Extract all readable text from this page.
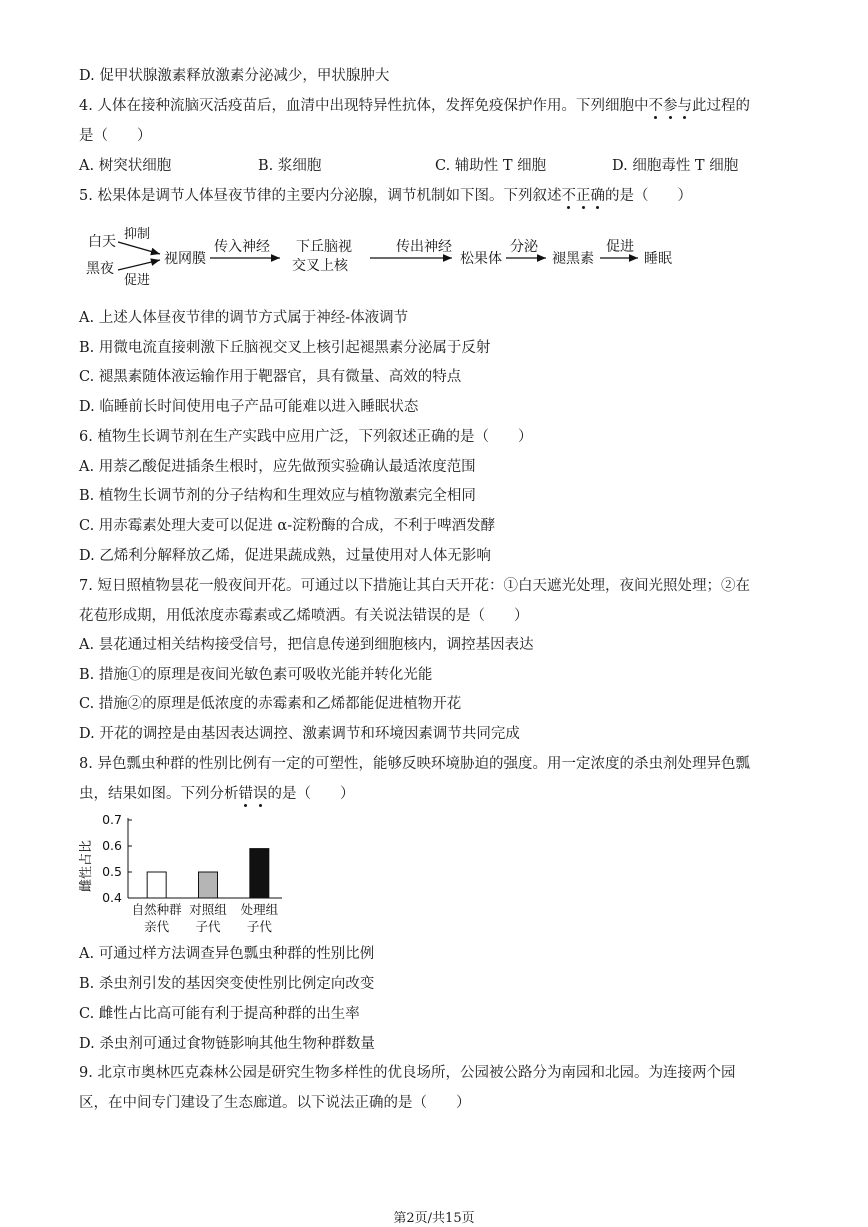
D. 促甲状腺激素释放激素分泌减少，甲状腺肿大
4. 人体在接种流脑灭活疫苗后，血清中出现特异性抗体，发挥免疫保护作用。下列细胞中不参与此过程的
是（　　）
A. 树突状细胞	B. 浆细胞	C. 辅助性 T 细胞	D. 细胞毒性 T 细胞
5. 松果体是调节人体昼夜节律的主要内分泌腺，调节机制如下图。下列叙述不正确的是（　　）
白天
黑夜
抑制
促进
视网膜
传入神经 下丘脑视
交叉上核
传出神经
松果体
分泌
褪黑素
促进
睡眠
A. 上述人体昼夜节律的调节方式属于神经-体液调节
B. 用微电流直接刺激下丘脑视交叉上核引起褪黑素分泌属于反射
C. 褪黑素随体液运输作用于靶器官，具有微量、高效的特点
D. 临睡前长时间使用电子产品可能难以进入睡眠状态
6. 植物生长调节剂在生产实践中应用广泛，下列叙述正确的是（　　）
A. 用萘乙酸促进插条生根时，应先做预实验确认最适浓度范围
B. 植物生长调节剂的分子结构和生理效应与植物激素完全相同
C. 用赤霉素处理大麦可以促进 α-淀粉酶的合成，不利于啤酒发酵
D. 乙烯利分解释放乙烯，促进果蔬成熟，过量使用对人体无影响
7. 短日照植物昙花一般夜间开花。可通过以下措施让其白天开花：①白天遮光处理，夜间光照处理；②在
花苞形成期，用低浓度赤霉素或乙烯喷洒。有关说法错误的是（　　）
A. 昙花通过相关结构接受信号，把信息传递到细胞核内，调控基因表达
B. 措施①的原理是夜间光敏色素可吸收光能并转化光能
C. 措施②的原理是低浓度的赤霉素和乙烯都能促进植物开花
D. 开花的调控是由基因表达调控、激素调节和环境因素调节共同完成
8. 异色瓢虫种群的性别比例有一定的可塑性，能够反映环境胁迫的强度。用一定浓度的杀虫剂处理异色瓢
虫，结果如图。下列分析错误的是（　　）
雌性占比
0.4
0.5
0.6
0.7
自然种群
亲代
对照组
子代
处理组
子代
A. 可通过样方法调查异色瓢虫种群的性别比例
B. 杀虫剂引发的基因突变使性别比例定向改变
C. 雌性占比高可能有利于提高种群的出生率
D. 杀虫剂可通过食物链影响其他生物种群数量
9. 北京市奥林匹克森林公园是研究生物多样性的优良场所，公园被公路分为南园和北园。为连接两个园
区，在中间专门建设了生态廊道。以下说法正确的是（　　）
第2页/共15页
